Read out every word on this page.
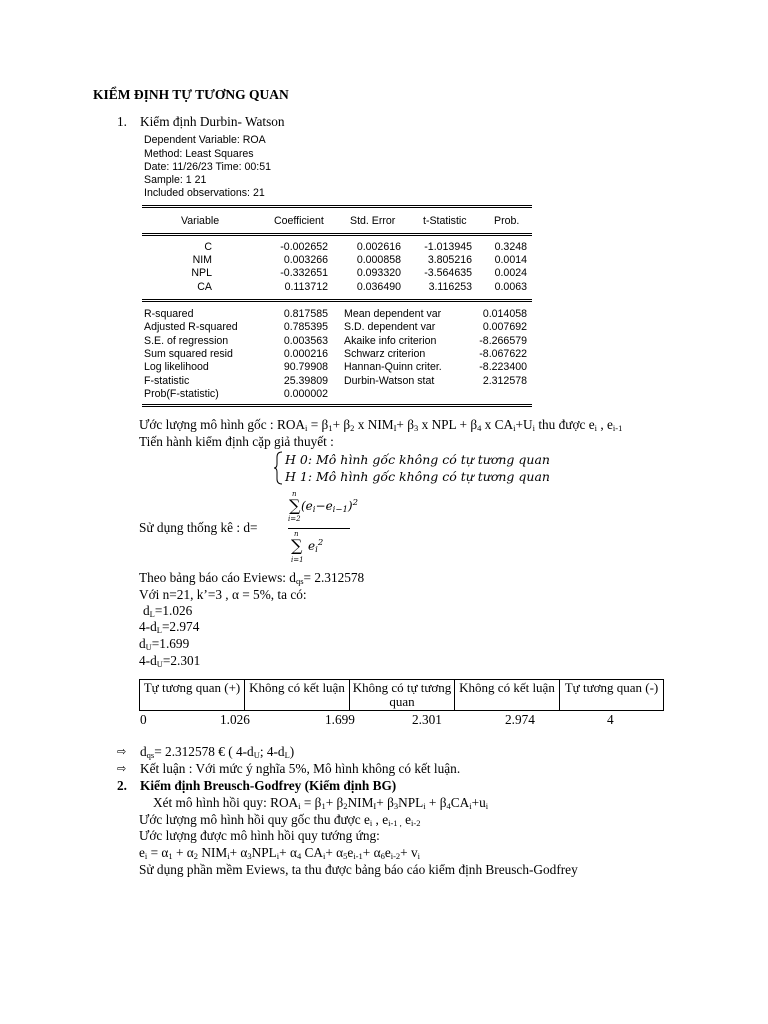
KIỂM ĐỊNH TỰ TƯƠNG QUAN
1. Kiểm định Durbin- Watson
Dependent Variable: ROA
Method: Least Squares
Date: 11/26/23 Time: 00:51
Sample: 1 21
Included observations: 21
Variable	Coefficient Std. Error	t-Statistic	Prob.
C	-0.002652	0.002616	-1.013945	0.3248
NIM	0.003266	0.000858	3.805216	0.0014
NPL	-0.332651	0.093320	-3.564635	0.0024
CA	0.113712	0.036490	3.116253	0.0063
R-squared	0.817585 Mean dependent var	0.014058
Adjusted R-squared	0.785395 S.D. dependent var	0.007692
S.E. of regression	0.003563 Akaike info criterion	-8.266579
Sum squared resid	0.000216 Schwarz criterion	-8.067622
Log likelihood	90.79908 Hannan-Quinn criter.	-8.223400
F-statistic	25.39809 Durbin-Watson stat	2.312578
Prob(F-statistic)	0.000002
Ước lượng mô hình gốc : $ROA_i = \beta_1+ \beta_2$ x $NIM_I+ \beta_3$ x NPL + $\beta_4$ x $CA_i+U_i$ thu được $e_i$ , $e_{i-1}$
Tiến hành kiểm định cặp giả thuyết :
H 0: Mô hình gốc không có tự tương quan
H 1: Mô hình gốc không có tự tương quan
Sử dụng thống kê : d=
n
∑
i=2
$(e_i-e_{i-1})^2$
n
∑
i=1
$e_i^2$
Theo bảng báo cáo Eviews: $d_{qs}= 2.312578$
Với n=21, k’=3 , α = 5%, ta có:
$d_L=1.026$
$4-d_L=2.974$
$d_U=1.699$
$4-d_U=2.301$
Tự tương quan (+)	Không có kết luận	Không có tự tương quan	Không có kết luận	Tự tương quan (-)
0	1.026	1.699	2.301	2.974	4
⇨ $d_{qs}= 2.312578$ € ( $4-d_U$; $4-d_L$)
⇨ Kết luận : Với mức ý nghĩa 5%, Mô hình không có kết luận.
2. Kiểm định Breusch-Godfrey (Kiểm định BG)
Xét mô hình hồi quy: $ROA_i = \beta_1+ \beta_2NIM_I+ \beta_3NPL_i + \beta_4CA_i+u_i$
Ước lượng mô hình hồi quy gốc thu được $e_i$ , $e_{i-1 ,}$ $e_{i-2}$
Ước lượng được mô hình hồi quy tướng ứng:
$e_i = \alpha_1 + \alpha_2$ $NIM_i+ \alpha_3NPL_i+ \alpha_4$ $CA_i+ \alpha_5e_{i-1}+ \alpha_6e_{i-2}+ v_i$
Sử dụng phần mềm Eviews, ta thu được bảng báo cáo kiểm định Breusch-Godfrey
